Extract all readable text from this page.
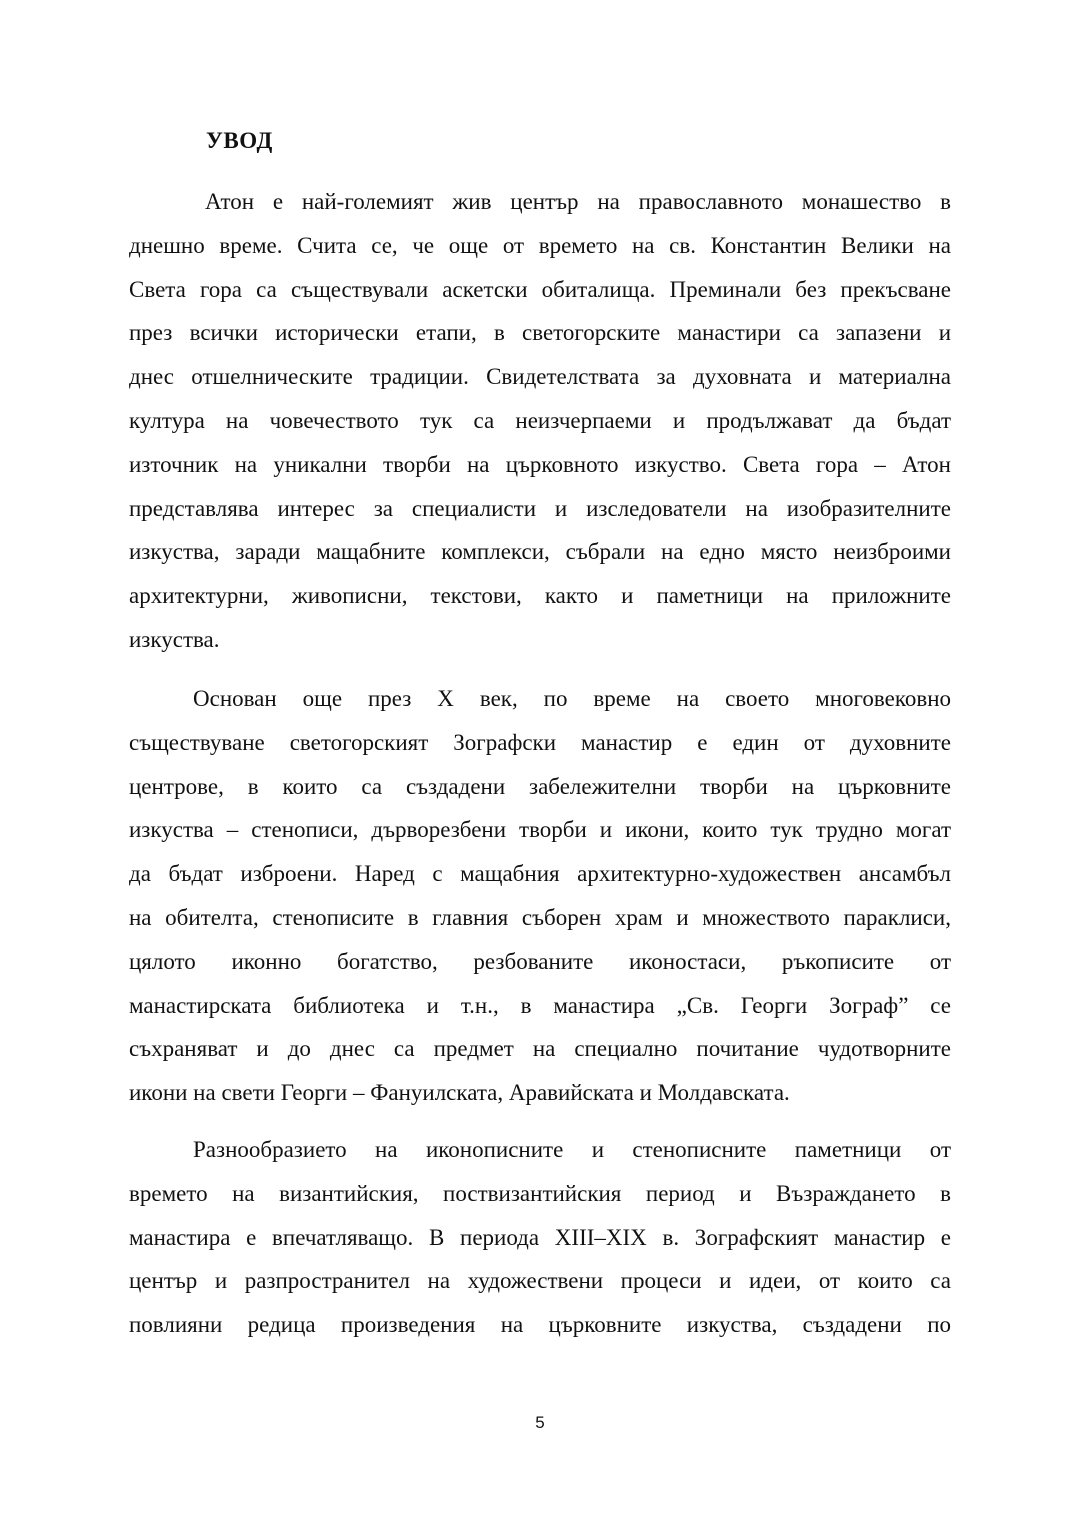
УВОД
Атон е най-големият жив център на православното монашество в
днешно време. Счита се, че още от времето на св. Константин Велики на
Света гора са съществували аскетски обиталища. Преминали без прекъсване
през всички исторически етапи, в светогорските манастири са запазени и
днес отшелническите традиции. Свидетелствата за духовната и материална
култура на човечеството тук са неизчерпаеми и продължават да бъдат
източник на уникални творби на църковното изкуство. Света гора – Атон
представлява интерес за специалисти и изследователи на изобразителните
изкуства, заради мащабните комплекси, събрали на едно място неизброими
архитектурни, живописни, текстови, както и паметници на приложните
изкуства.
Основан още през X век, по време на своето многовековно
съществуване светогорският Зографски манастир е един от духовните
центрове, в които са създадени забележителни творби на църковните
изкуства – стенописи, дърворезбени творби и икони, които тук трудно могат
да бъдат изброени. Наред с мащабния архитектурно-художествен ансамбъл
на обителта, стенописите в главния съборен храм и множеството параклиси,
цялото иконно богатство, резбованите иконостаси, ръкописите от
манастирската библиотека и т.н., в манастира „Св. Георги Зограф” се
съхраняват и до днес са предмет на специално почитание чудотворните
икони на свети Георги – Фануилската, Аравийската и Молдавската.
Разнообразието на иконописните и стенописните паметници от
времето на византийския, поствизантийския период и Възраждането в
манастира е впечатляващо. В периода XIII–XIX в. Зографският манастир е
център и разпространител на художествени процеси и идеи, от които са
повлияни редица произведения на църковните изкуства, създадени по
5
